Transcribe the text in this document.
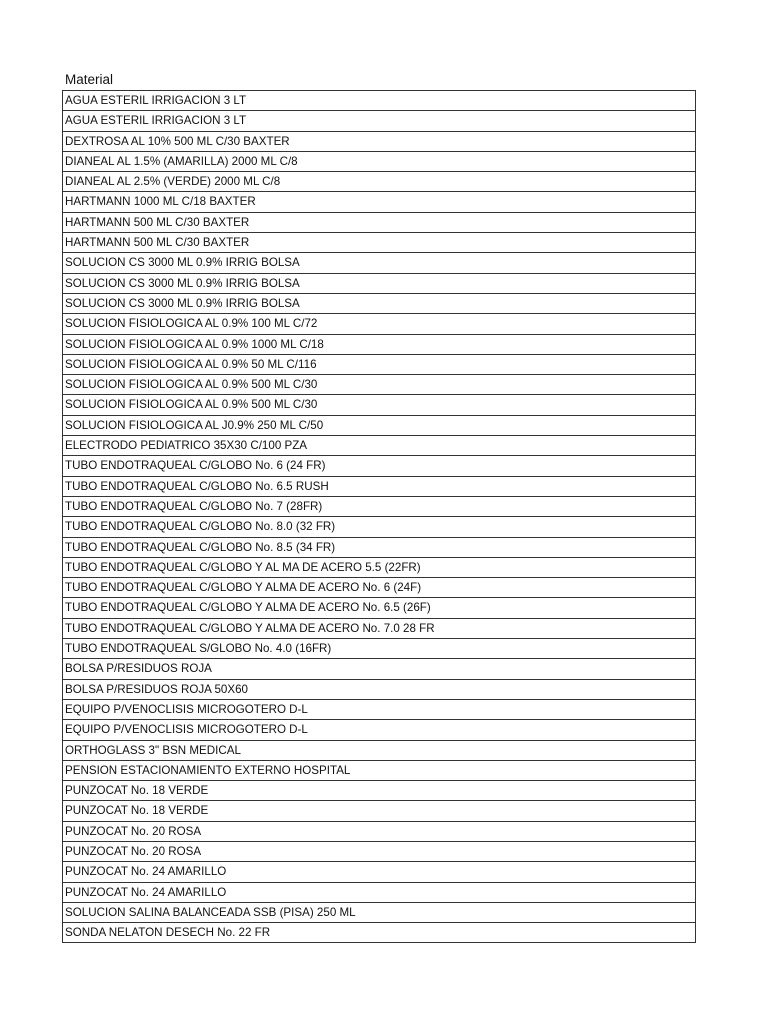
Material
AGUA ESTERIL IRRIGACION 3 LT
AGUA ESTERIL IRRIGACION 3 LT
DEXTROSA AL 10% 500 ML C/30 BAXTER
DIANEAL AL 1.5% (AMARILLA) 2000 ML C/8
DIANEAL AL 2.5% (VERDE) 2000 ML C/8
HARTMANN 1000 ML C/18 BAXTER
HARTMANN 500 ML C/30 BAXTER
HARTMANN 500 ML C/30 BAXTER
SOLUCION CS 3000 ML 0.9% IRRIG BOLSA
SOLUCION CS 3000 ML 0.9% IRRIG BOLSA
SOLUCION CS 3000 ML 0.9% IRRIG BOLSA
SOLUCION FISIOLOGICA AL 0.9% 100 ML C/72
SOLUCION FISIOLOGICA AL 0.9% 1000 ML C/18
SOLUCION FISIOLOGICA AL 0.9% 50 ML C/116
SOLUCION FISIOLOGICA AL 0.9% 500 ML C/30
SOLUCION FISIOLOGICA AL 0.9% 500 ML C/30
SOLUCION FISIOLOGICA AL J0.9% 250 ML C/50
ELECTRODO PEDIATRICO 35X30 C/100 PZA
TUBO ENDOTRAQUEAL C/GLOBO No. 6 (24 FR)
TUBO ENDOTRAQUEAL C/GLOBO No. 6.5 RUSH
TUBO ENDOTRAQUEAL C/GLOBO No. 7 (28FR)
TUBO ENDOTRAQUEAL C/GLOBO No. 8.0 (32 FR)
TUBO ENDOTRAQUEAL C/GLOBO No. 8.5 (34 FR)
TUBO ENDOTRAQUEAL C/GLOBO Y AL MA DE ACERO 5.5 (22FR)
TUBO ENDOTRAQUEAL C/GLOBO Y ALMA DE ACERO No. 6 (24F)
TUBO ENDOTRAQUEAL C/GLOBO Y ALMA DE ACERO No. 6.5 (26F)
TUBO ENDOTRAQUEAL C/GLOBO Y ALMA DE ACERO No. 7.0 28 FR
TUBO ENDOTRAQUEAL S/GLOBO No. 4.0 (16FR)
BOLSA P/RESIDUOS ROJA
BOLSA P/RESIDUOS ROJA 50X60
EQUIPO P/VENOCLISIS MICROGOTERO D-L
EQUIPO P/VENOCLISIS MICROGOTERO D-L
ORTHOGLASS 3" BSN MEDICAL
PENSION ESTACIONAMIENTO EXTERNO HOSPITAL
PUNZOCAT No. 18 VERDE
PUNZOCAT No. 18 VERDE
PUNZOCAT No. 20 ROSA
PUNZOCAT No. 20 ROSA
PUNZOCAT No. 24 AMARILLO
PUNZOCAT No. 24 AMARILLO
SOLUCION SALINA BALANCEADA SSB (PISA) 250 ML
SONDA NELATON DESECH No. 22 FR
